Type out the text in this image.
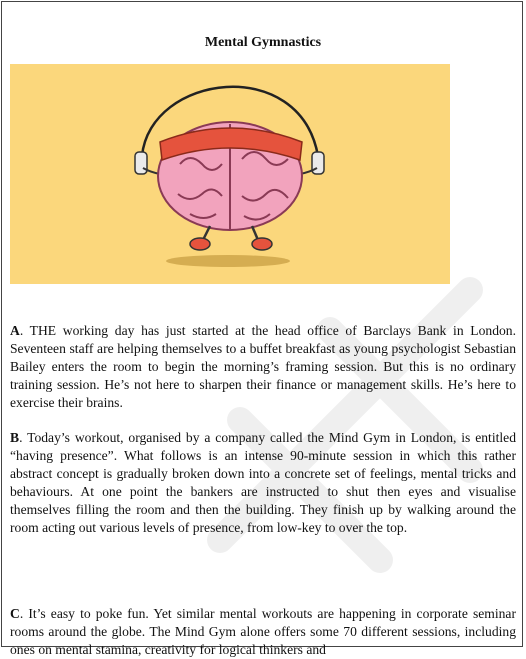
Mental Gymnastics

A. THE working day has just started at the head office of Barclays Bank in London. Seventeen staff are helping themselves to a buffet breakfast as young psychologist Sebastian Bailey enters the room to begin the morning’s framing session. But this is no ordinary training session. He’s not here to sharpen their finance or management skills. He’s here to exercise their brains.

B. Today’s workout, organised by a company called the Mind Gym in London, is entitled “having presence”. What follows is an intense 90-minute session in which this rather abstract concept is gradually broken down into a concrete set of feelings, mental tricks and behaviours. At one point the bankers are instructed to shut then eyes and visualise themselves filling the room and then the building. They finish up by walking around the room acting out various levels of presence, from low-key to over the top.

C. It’s easy to poke fun. Yet similar mental workouts are happening in corporate seminar rooms around the globe. The Mind Gym alone offers some 70 different sessions, including ones on mental stamina, creativity for logical thinkers and
